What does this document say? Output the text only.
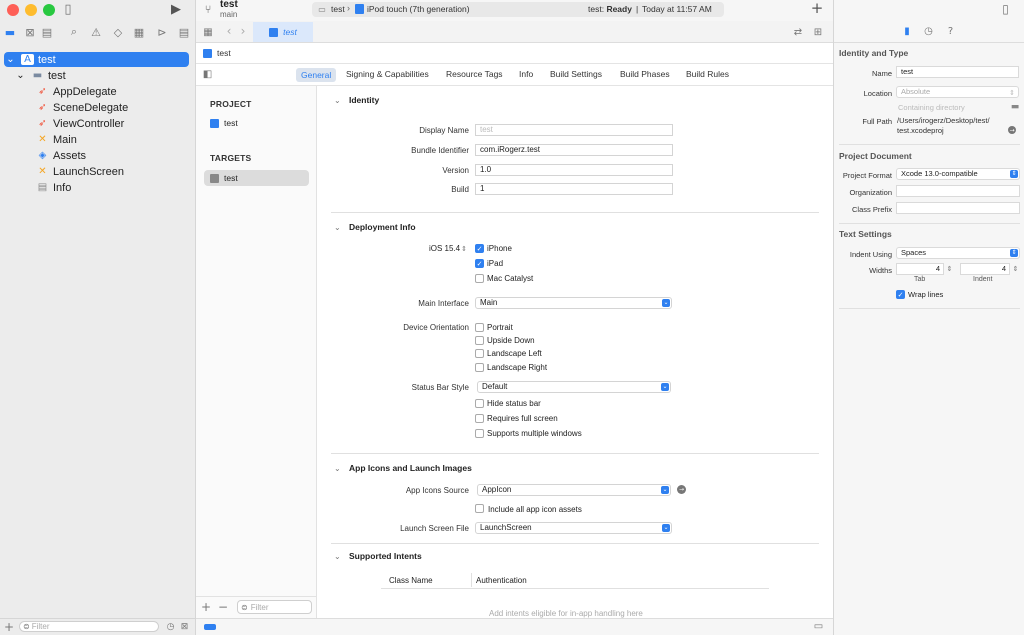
▯	▶
▬ ⊠ ▤	⌕	⚠ ◇ ▦ ⊳ ▤
⌄ A test
⌄ ▬ test
➶ AppDelegate
➶ SceneDelegate
➶ ViewController
✕ Main
◈ Assets
✕ LaunchScreen
▤ Info
+ ⊜ Filter	◷ ⊠
⑂ test
main
▭ test › iPod touch (7th generation)	test: Ready | Today at 11:57 AM	+
▦ ‹ ›	test	⇄ ⊞
test
◧	General	Signing & Capabilities Resource Tags Info Build Settings Build Phases Build Rules
PROJECT
test
TARGETS
test
+ − ⊜ Filter
⌄ Identity
Display Name	test
Bundle Identifier	com.iRogerz.test
Version	1.0
Build	1
⌄ Deployment Info
iOS 15.4 ⇕ ✓ iPhone
✓ iPad
Mac Catalyst
Main Interface	Main	⌄
Device Orientation Portrait
Upside Down
Landscape Left
Landscape Right
Status Bar Style	Default	⌄
Hide status bar
Requires full screen
Supports multiple windows
⌄ App Icons and Launch Images
App Icons Source	AppIcon	⌄	→
Include all app icon assets
Launch Screen File	LaunchScreen	⌄
⌄ Supported Intents
Class Name	Authentication
Add intents eligible for in-app handling here
▭
▯
▮ ◷ ?
Identity and Type
Name	test
Location	Absolute	⇕
Containing directory	▬
Full Path /Users/irogerz/Desktop/test/
test.xcodeproj	→
Project Document
Project Format	Xcode 13.0-compatible	⇕
Organization
Class Prefix
Text Settings
Indent Using	Spaces	⇕
Widths	4 ⇕	4 ⇕
Tab	Indent
✓ Wrap lines
